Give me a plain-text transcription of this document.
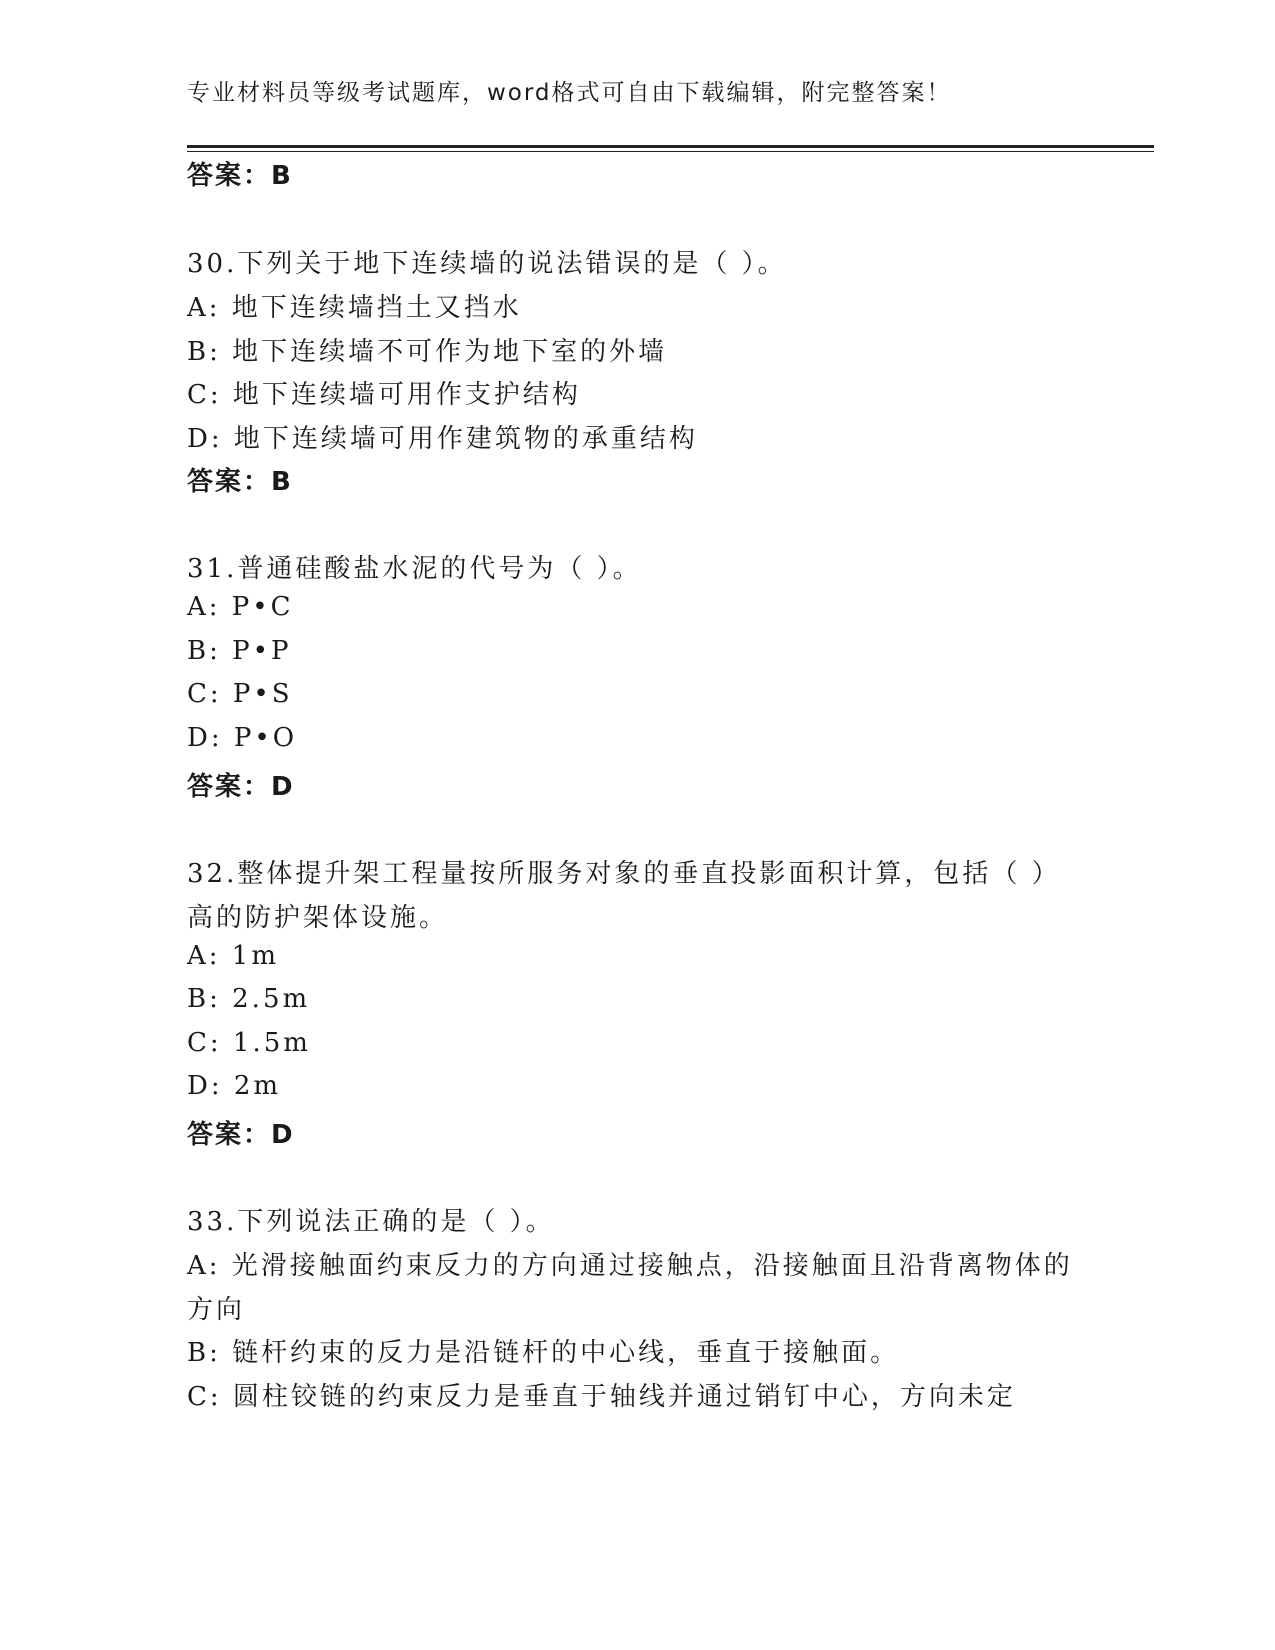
专业材料员等级考试题库，word格式可自由下载编辑，附完整答案！
答案：B
30.下列关于地下连续墙的说法错误的是（ ）。
A: 地下连续墙挡土又挡水
B: 地下连续墙不可作为地下室的外墙
C: 地下连续墙可用作支护结构
D: 地下连续墙可用作建筑物的承重结构
答案：B
31.普通硅酸盐水泥的代号为（ ）。
A: P•C
B: P•P
C: P•S
D: P•O
答案：D
32.整体提升架工程量按所服务对象的垂直投影面积计算，包括（ ）
高的防护架体设施。
A: 1m
B: 2.5m
C: 1.5m
D: 2m
答案：D
33.下列说法正确的是（ ）。
A: 光滑接触面约束反力的方向通过接触点，沿接触面且沿背离物体的
方向
B: 链杆约束的反力是沿链杆的中心线，垂直于接触面。
C: 圆柱铰链的约束反力是垂直于轴线并通过销钉中心，方向未定
